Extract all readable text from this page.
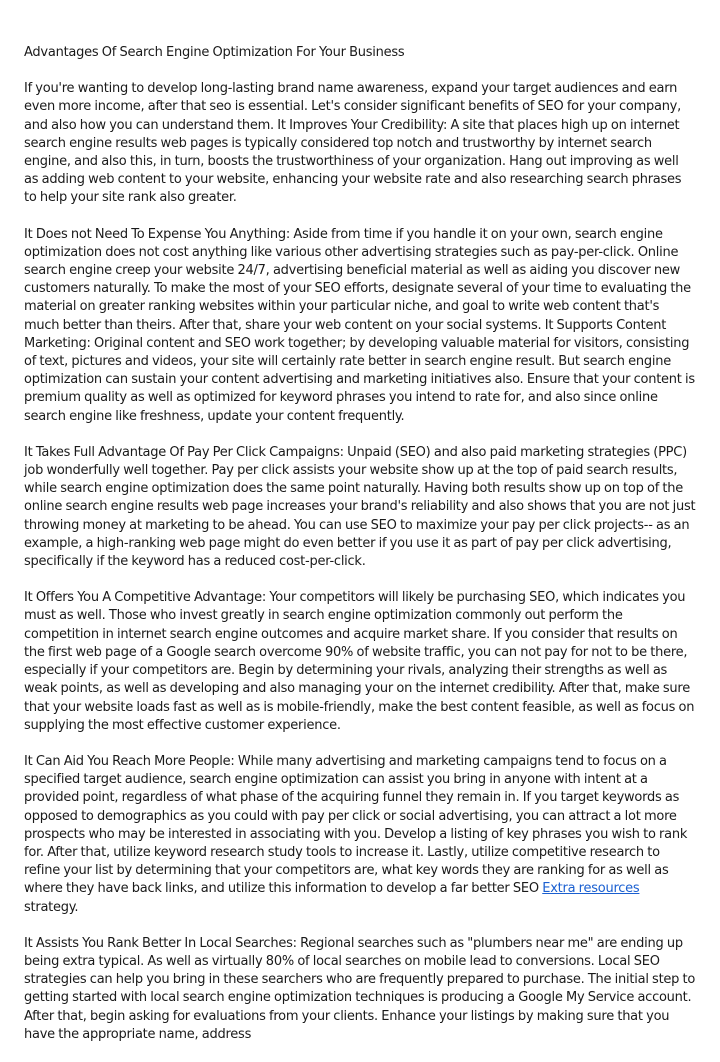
Advantages Of Search Engine Optimization For Your Business

If you're wanting to develop long-lasting brand name awareness, expand your target audiences and earn even more income, after that seo is essential. Let's consider significant benefits of SEO for your company, and also how you can understand them. It Improves Your Credibility: A site that places high up on internet search engine results web pages is typically considered top notch and trustworthy by internet search engine, and also this, in turn, boosts the trustworthiness of your organization. Hang out improving as well as adding web content to your website, enhancing your website rate and also researching search phrases to help your site rank also greater.

It Does not Need To Expense You Anything: Aside from time if you handle it on your own, search engine optimization does not cost anything like various other advertising strategies such as pay-per-click. Online search engine creep your website 24/7, advertising beneficial material as well as aiding you discover new customers naturally. To make the most of your SEO efforts, designate several of your time to evaluating the material on greater ranking websites within your particular niche, and goal to write web content that's much better than theirs. After that, share your web content on your social systems. It Supports Content Marketing: Original content and SEO work together; by developing valuable material for visitors, consisting of text, pictures and videos, your site will certainly rate better in search engine result. But search engine optimization can sustain your content advertising and marketing initiatives also. Ensure that your content is premium quality as well as optimized for keyword phrases you intend to rate for, and also since online search engine like freshness, update your content frequently.

It Takes Full Advantage Of Pay Per Click Campaigns: Unpaid (SEO) and also paid marketing strategies (PPC) job wonderfully well together. Pay per click assists your website show up at the top of paid search results, while search engine optimization does the same point naturally. Having both results show up on top of the online search engine results web page increases your brand's reliability and also shows that you are not just throwing money at marketing to be ahead. You can use SEO to maximize your pay per click projects-- as an example, a high-ranking web page might do even better if you use it as part of pay per click advertising, specifically if the keyword has a reduced cost-per-click.

It Offers You A Competitive Advantage: Your competitors will likely be purchasing SEO, which indicates you must as well. Those who invest greatly in search engine optimization commonly out perform the competition in internet search engine outcomes and acquire market share. If you consider that results on the first web page of a Google search overcome 90% of website traffic, you can not pay for not to be there, especially if your competitors are. Begin by determining your rivals, analyzing their strengths as well as weak points, as well as developing and also managing your on the internet credibility. After that, make sure that your website loads fast as well as is mobile-friendly, make the best content feasible, as well as focus on supplying the most effective customer experience.

It Can Aid You Reach More People: While many advertising and marketing campaigns tend to focus on a specified target audience, search engine optimization can assist you bring in anyone with intent at a provided point, regardless of what phase of the acquiring funnel they remain in. If you target keywords as opposed to demographics as you could with pay per click or social advertising, you can attract a lot more prospects who may be interested in associating with you. Develop a listing of key phrases you wish to rank for. After that, utilize keyword research study tools to increase it. Lastly, utilize competitive research to refine your list by determining that your competitors are, what key words they are ranking for as well as where they have back links, and utilize this information to develop a far better SEO Extra resources strategy.

It Assists You Rank Better In Local Searches: Regional searches such as "plumbers near me" are ending up being extra typical. As well as virtually 80% of local searches on mobile lead to conversions. Local SEO strategies can help you bring in these searchers who are frequently prepared to purchase. The initial step to getting started with local search engine optimization techniques is producing a Google My Service account. After that, begin asking for evaluations from your clients. Enhance your listings by making sure that you have the appropriate name, address
